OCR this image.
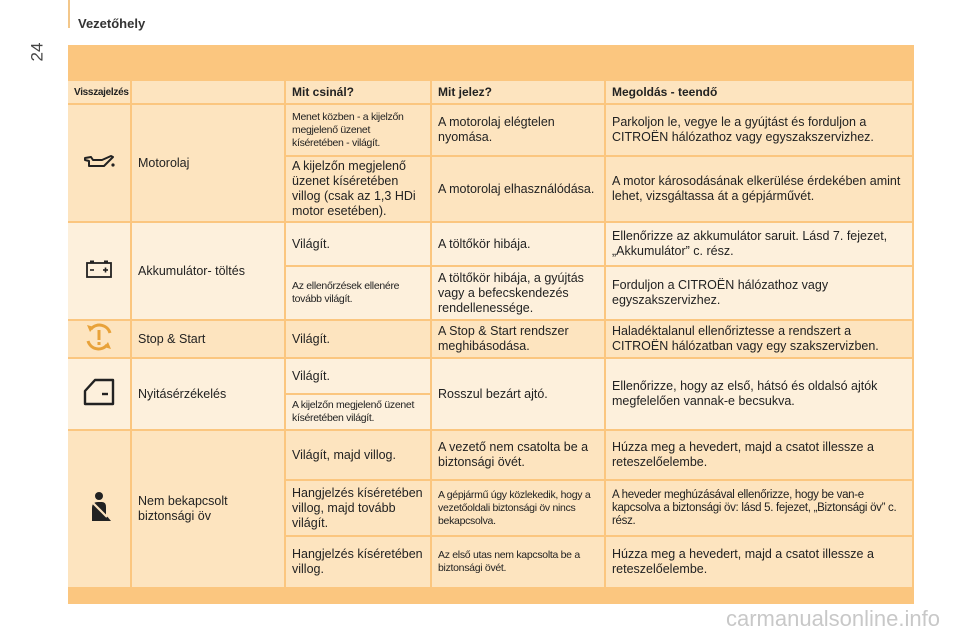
Vezetőhely
24
Visszajelzés		Mit csinál?	Mit jelez?	Megoldás - teendő
	Motorolaj	Menet közben - a kijelzőn megjelenő üzenet kíséretében - világít.	A motorolaj elégtelen nyomása.	Parkoljon le, vegye le a gyújtást és forduljon a CITROËN hálózathoz vagy egyszakszervizhez.
		A kijelzőn megjelenő üzenet kíséretében villog (csak az 1,3 HDi motor esetében).	A motorolaj elhasználódása.	A motor károsodásának elkerülése érdekében amint lehet, vizsgáltassa át a gépjárművét.
	Akkumulátor- töltés	Világít.	A töltőkör hibája.	Ellenőrizze az akkumulátor saruit. Lásd 7. fejezet, „Akkumulátor” c. rész.
		Az ellenőrzések ellenére tovább világít.	A töltőkör hibája, a gyújtás vagy a befecskendezés rendellenessége.	Forduljon a CITROËN hálózathoz vagy egyszakszervizhez.
	Stop & Start	Világít.	A Stop & Start rendszer meghibásodása.	Haladéktalanul ellenőriztesse a rendszert a CITROËN hálózatban vagy egy szakszervizben.
	Nyitásérzékelés	Világít.	Rosszul bezárt ajtó.	Ellenőrizze, hogy az első, hátsó és oldalsó ajtók megfelelően vannak-e becsukva.
		A kijelzőn megjelenő üzenet kíséretében világít.		
	Nem bekapcsolt biztonsági öv	Világít, majd villog.	A vezető nem csatolta be a biztonsági övét.	Húzza meg a hevedert, majd a csatot illessze a reteszelőelembe.
		Hangjelzés kíséretében villog, majd tovább világít.	A gépjármű úgy közlekedik, hogy a vezetőoldali biztonsági öv nincs bekapcsolva.	A heveder meghúzásával ellenőrizze, hogy be van-e kapcsolva a biztonsági öv: lásd 5. fejezet, „Biztonsági öv” c. rész.
		Hangjelzés kíséretében villog.	Az első utas nem kapcsolta be a biztonsági övét.	Húzza meg a hevedert, majd a csatot illessze a reteszelőelembe.
carmanualsonline.info
